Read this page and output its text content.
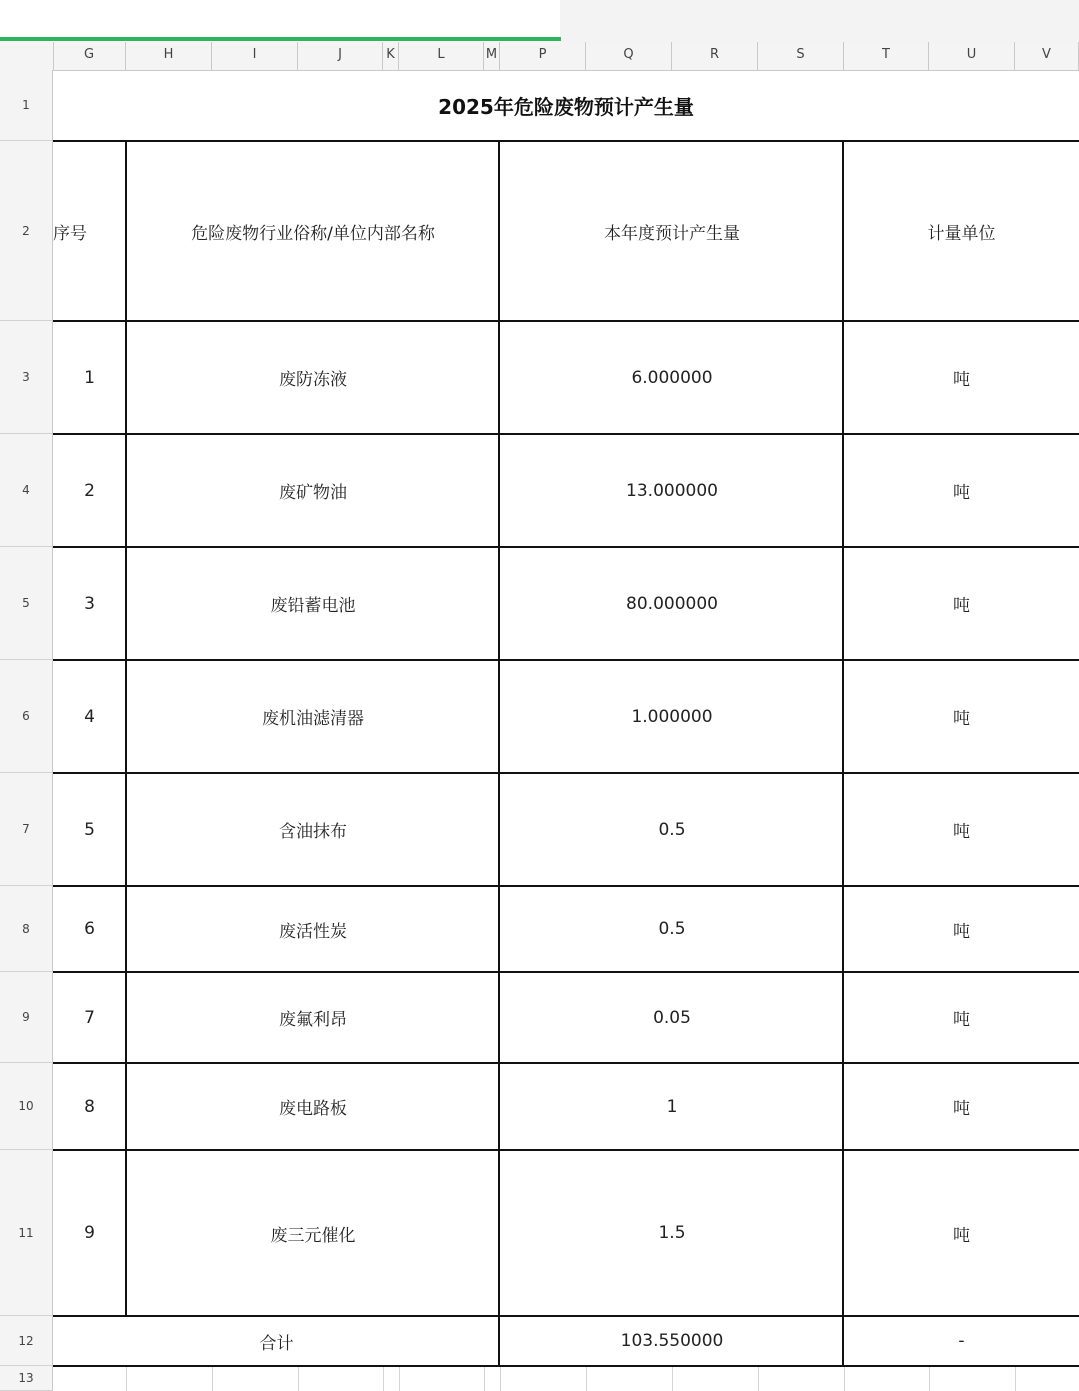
G	H	I	J	K	L	M	P	Q	R	S	T	U	V
1
2
3
4
5
6
7
8
9
10
11
12
13
2025年危险废物预计产生量
序号	危险废物行业俗称/单位内部名称	本年度预计产生量	计量单位
1	废防冻液	6.000000	吨
2	废矿物油	13.000000	吨
3	废铅蓄电池	80.000000	吨
4	废机油滤清器	1.000000	吨
5	含油抹布	0.5	吨
6	废活性炭	0.5	吨
7	废氟利昂	0.05	吨
8	废电路板	1	吨
9	废三元催化	1.5	吨
合计	103.550000	-
